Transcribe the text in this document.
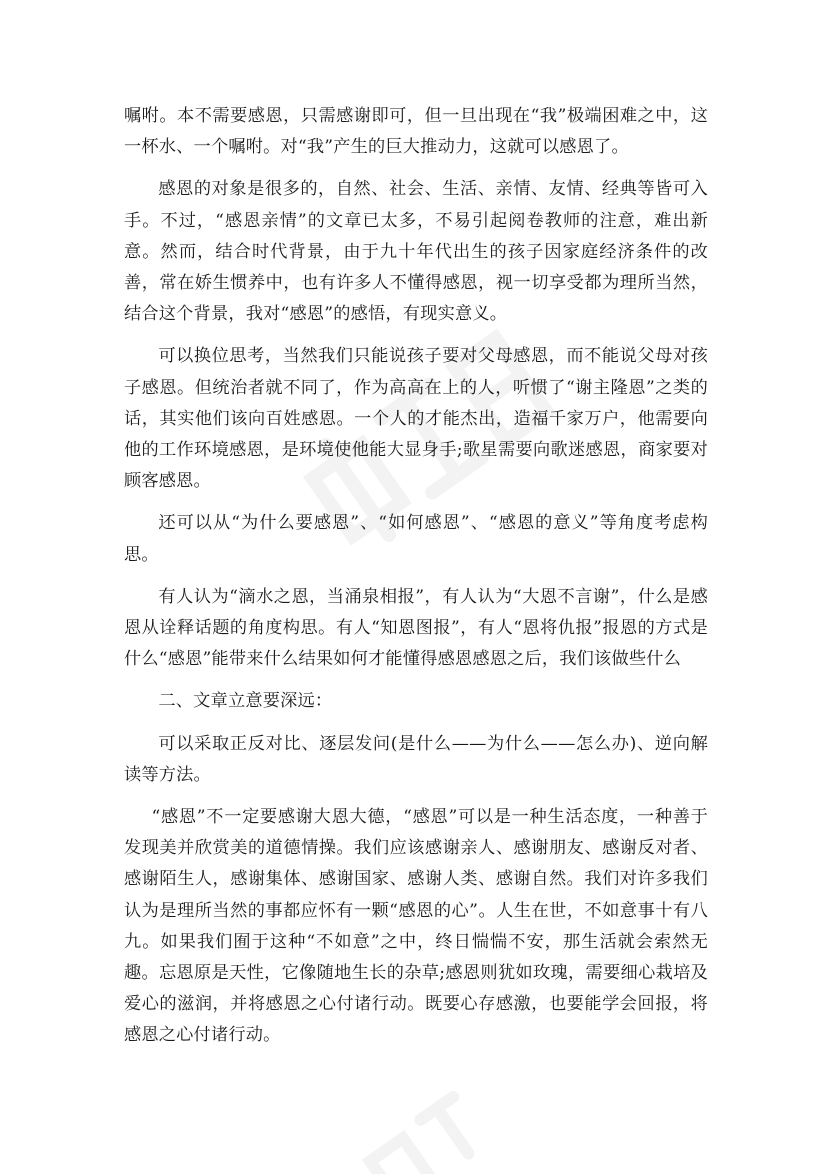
嘱咐。本不需要感恩，只需感谢即可，但一旦出现在“我”极端困难之中，这一杯水、一个嘱咐。对“我”产生的巨大推动力，这就可以感恩了。

感恩的对象是很多的，自然、社会、生活、亲情、友情、经典等皆可入手。不过，“感恩亲情”的文章已太多，不易引起阅卷教师的注意，难出新意。然而，结合时代背景，由于九十年代出生的孩子因家庭经济条件的改善，常在娇生惯养中，也有许多人不懂得感恩，视一切享受都为理所当然，结合这个背景，我对“感恩”的感悟，有现实意义。

可以换位思考，当然我们只能说孩子要对父母感恩，而不能说父母对孩子感恩。但统治者就不同了，作为高高在上的人，听惯了“谢主隆恩”之类的话，其实他们该向百姓感恩。一个人的才能杰出，造福千家万户，他需要向他的工作环境感恩，是环境使他能大显身手;歌星需要向歌迷感恩，商家要对顾客感恩。

还可以从“为什么要感恩”、“如何感恩”、“感恩的意义”等角度考虑构思。

有人认为“滴水之恩，当涌泉相报”，有人认为“大恩不言谢”，什么是感恩从诠释话题的角度构思。有人“知恩图报”，有人“恩将仇报”报恩的方式是什么“感恩”能带来什么结果如何才能懂得感恩感恩之后，我们该做些什么

二、文章立意要深远：

可以采取正反对比、逐层发问(是什么——为什么——怎么办)、逆向解读等方法。

“感恩”不一定要感谢大恩大德，“感恩”可以是一种生活态度，一种善于发现美并欣赏美的道德情操。我们应该感谢亲人、感谢朋友、感谢反对者、感谢陌生人，感谢集体、感谢国家、感谢人类、感谢自然。我们对许多我们认为是理所当然的事都应怀有一颗“感恩的心”。人生在世，不如意事十有八九。如果我们囿于这种“不如意”之中，终日惴惴不安，那生活就会索然无趣。忘恩原是天性，它像随地生长的杂草;感恩则犹如玫瑰，需要细心栽培及爱心的滋润，并将感恩之心付诸行动。既要心存感激，也要能学会回报，将感恩之心付诸行动。
